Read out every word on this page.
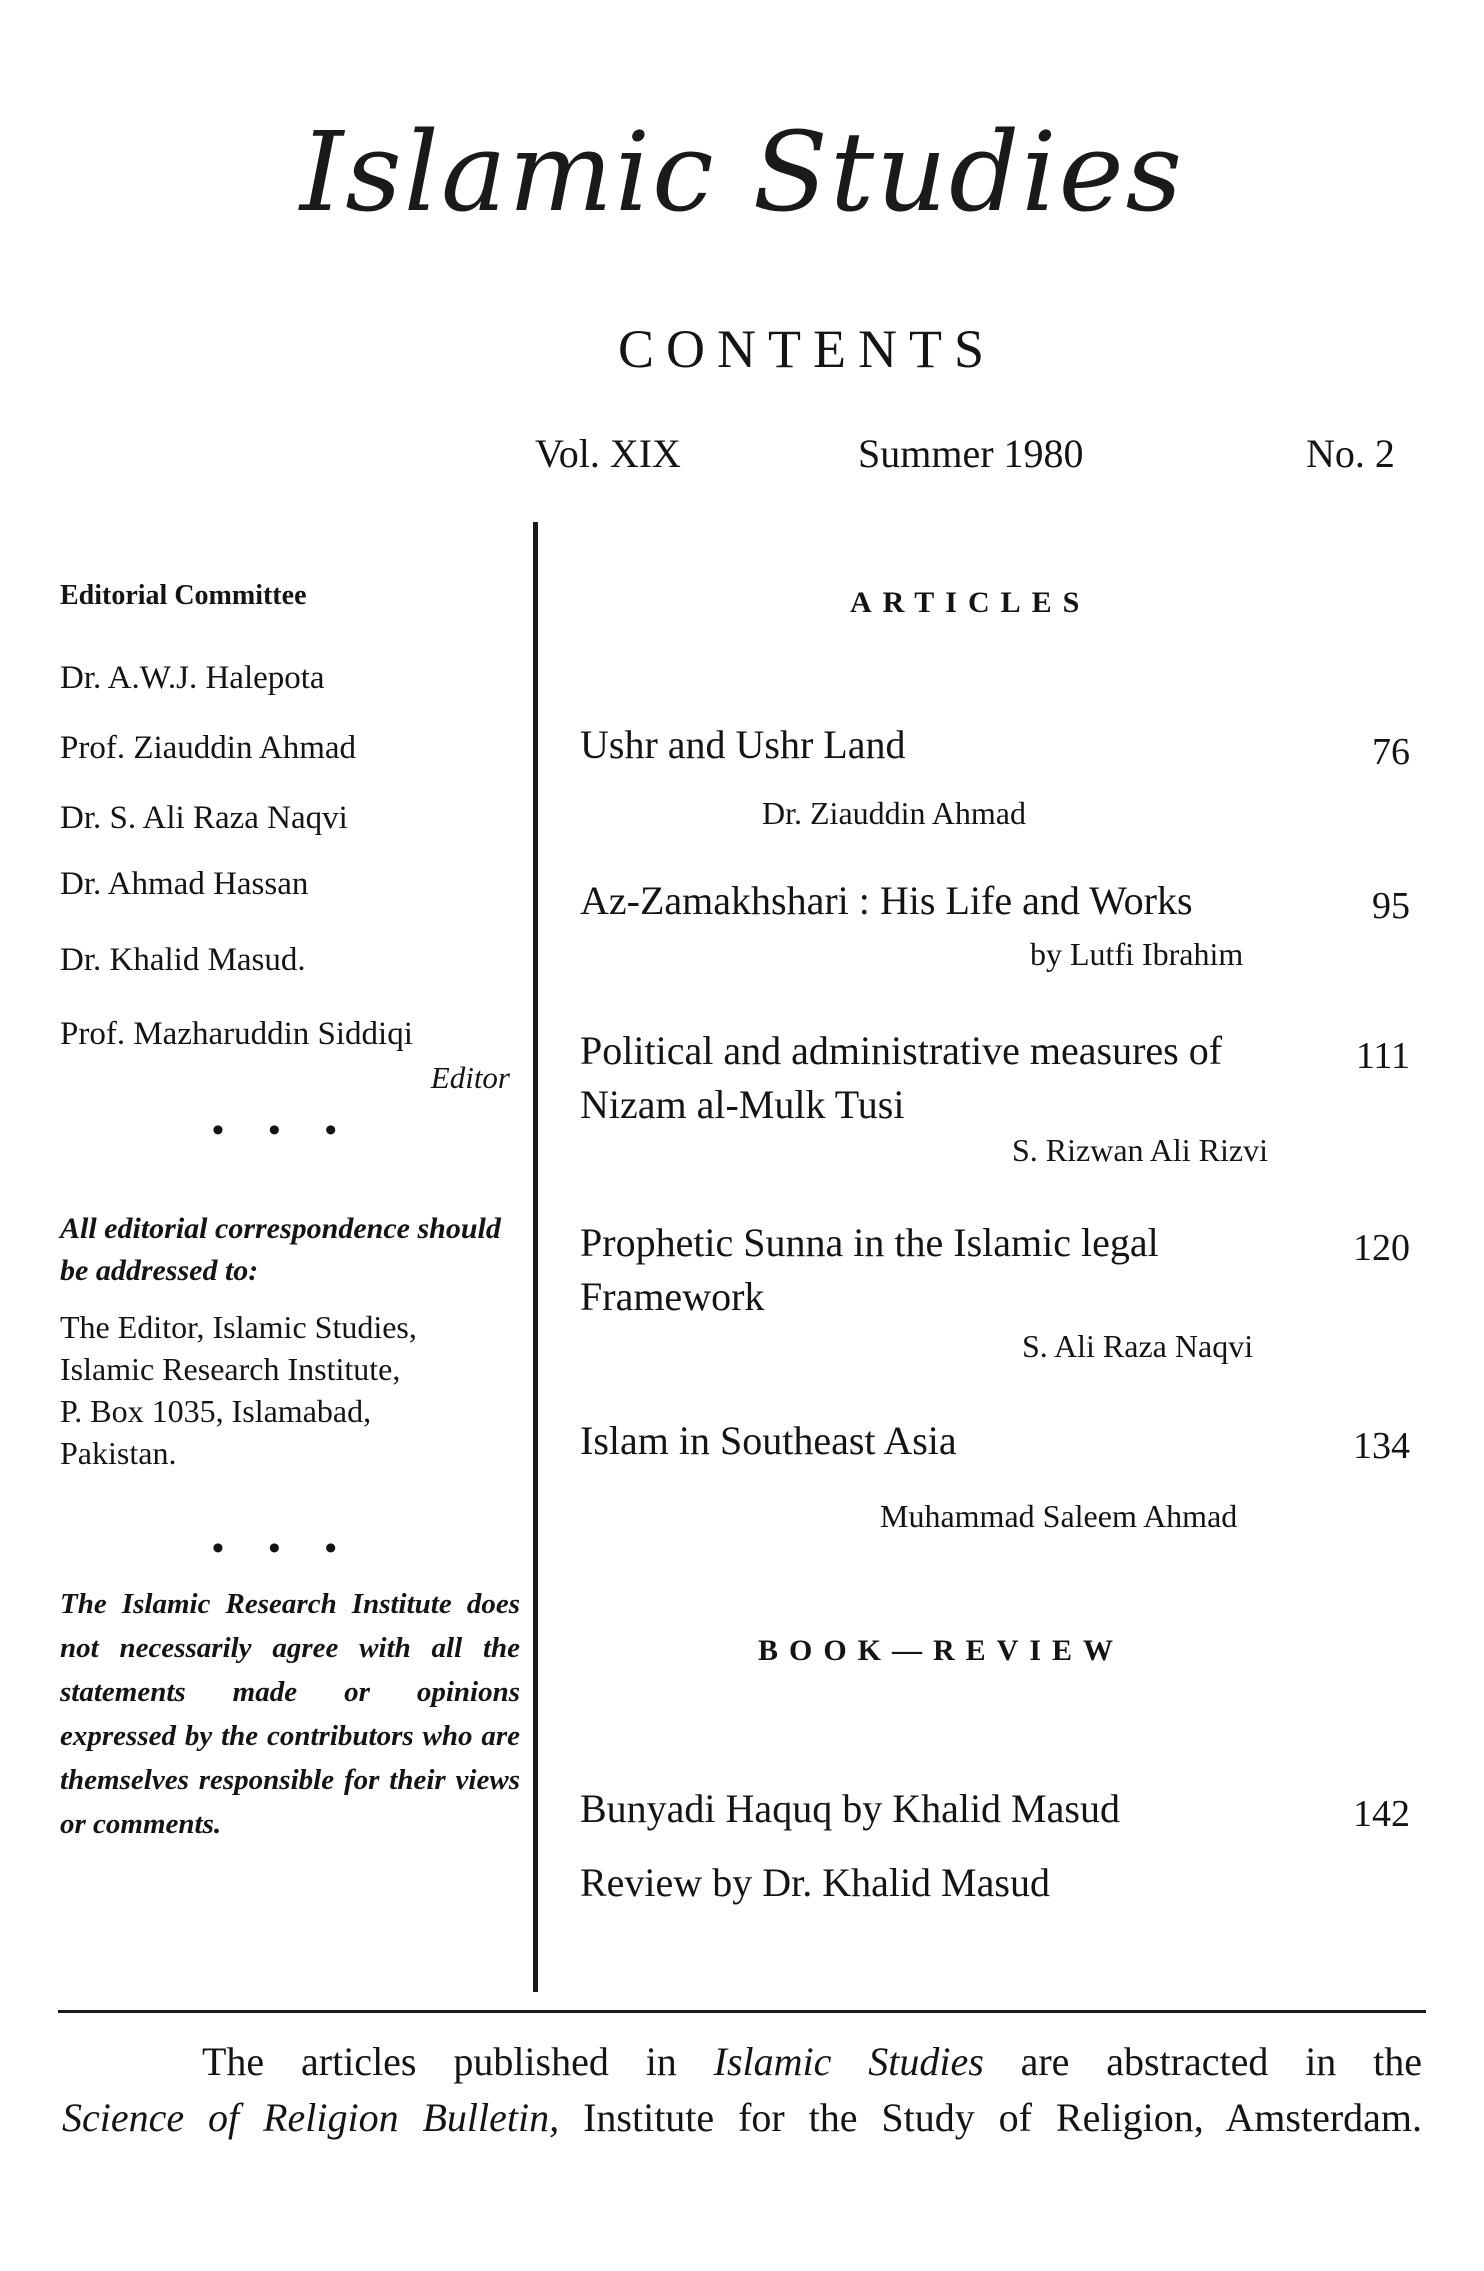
Islamic Studies
CONTENTS
Vol. XIX	Summer 1980	No. 2
Editorial Committee
Dr. A.W.J. Halepota
Prof. Ziauddin Ahmad
Dr. S. Ali Raza Naqvi
Dr. Ahmad Hassan
Dr. Khalid Masud.
Prof. Mazharuddin Siddiqi
Editor
• • •
All editorial correspondence should be addressed to:
The Editor, Islamic Studies,
Islamic Research Institute,
P. Box 1035, Islamabad,
Pakistan.
• • •
The Islamic Research Institute does not necessarily agree with all the statements made or opinions expressed by the contributors who are themselves responsible for their views or comments.
ARTICLES
Ushr and Ushr Land	76
Dr. Ziauddin Ahmad
Az-Zamakhshari : His Life and Works	95
by Lutfi Ibrahim
Political and administrative measures of
Nizam al-Mulk Tusi
111
S. Rizwan Ali Rizvi
Prophetic Sunna in the Islamic legal
Framework
120
S. Ali Raza Naqvi
Islam in Southeast Asia	134
Muhammad Saleem Ahmad
BOOK—REVIEW
Bunyadi Haquq by Khalid Masud	142
Review by Dr. Khalid Masud
The articles published in Islamic Studies are abstracted in the
Science of Religion Bulletin, Institute for the Study of Religion, Amsterdam.
